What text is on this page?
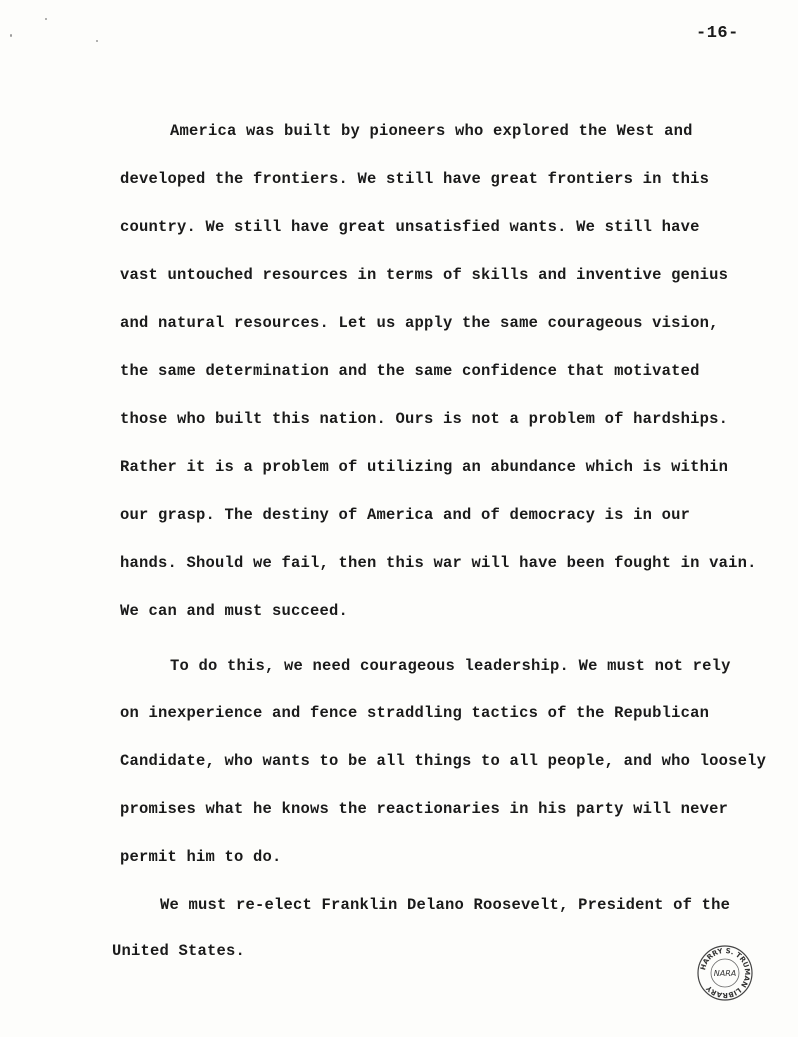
-16-
America was built by pioneers who explored the West and
developed the frontiers. We still have great frontiers in this
country. We still have great unsatisfied wants. We still have
vast untouched resources in terms of skills and inventive genius
and natural resources. Let us apply the same courageous vision,
the same determination and the same confidence that motivated
those who built this nation. Ours is not a problem of hardships.
Rather it is a problem of utilizing an abundance which is within
our grasp. The destiny of America and of democracy is in our
hands. Should we fail, then this war will have been fought in vain.
We can and must succeed.
To do this, we need courageous leadership. We must not rely
on inexperience and fence straddling tactics of the Republican
Candidate, who wants to be all things to all people, and who loosely
promises what he knows the reactionaries in his party will never
permit him to do.
We must re-elect Franklin Delano Roosevelt, President of the
United States.
HARRY S. TRUMAN LIBRARY
NARA
